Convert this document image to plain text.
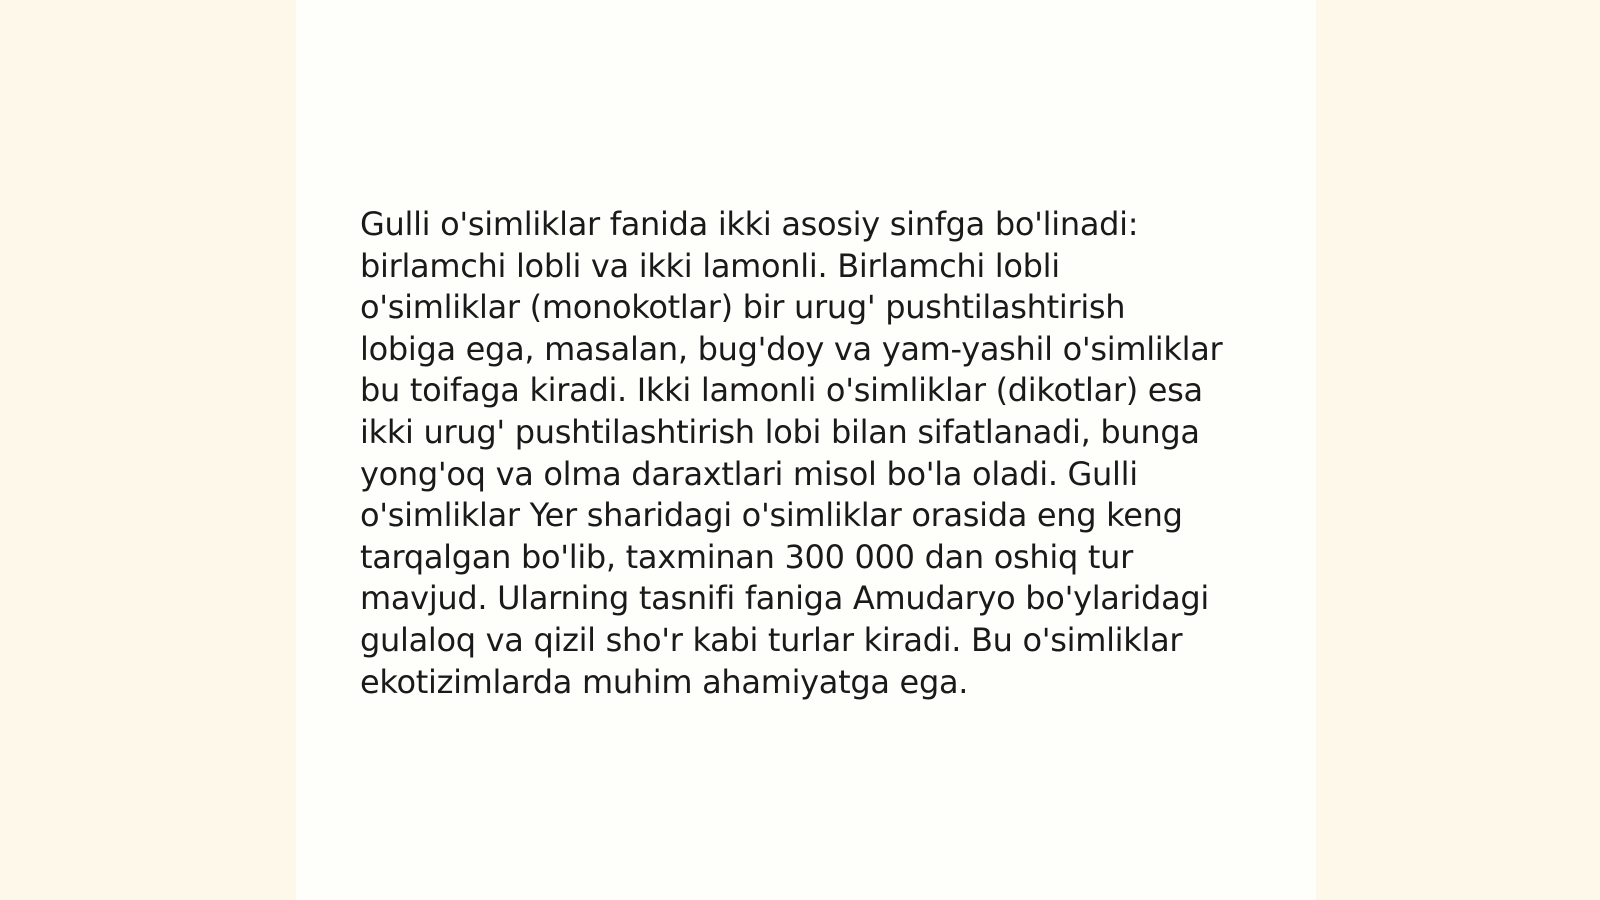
Gulli o'simliklar fanida ikki asosiy sinfga bo'linadi:
birlamchi lobli va ikki lamonli. Birlamchi lobli
o'simliklar (monokotlar) bir urug' pushtilashtirish
lobiga ega, masalan, bug'doy va yam-yashil o'simliklar
bu toifaga kiradi. Ikki lamonli o'simliklar (dikotlar) esa
ikki urug' pushtilashtirish lobi bilan sifatlanadi, bunga
yong'oq va olma daraxtlari misol bo'la oladi. Gulli
o'simliklar Yer sharidagi o'simliklar orasida eng keng
tarqalgan bo'lib, taxminan 300 000 dan oshiq tur
mavjud. Ularning tasnifi faniga Amudaryo bo'ylaridagi
gulaloq va qizil sho'r kabi turlar kiradi. Bu o'simliklar
ekotizimlarda muhim ahamiyatga ega.
